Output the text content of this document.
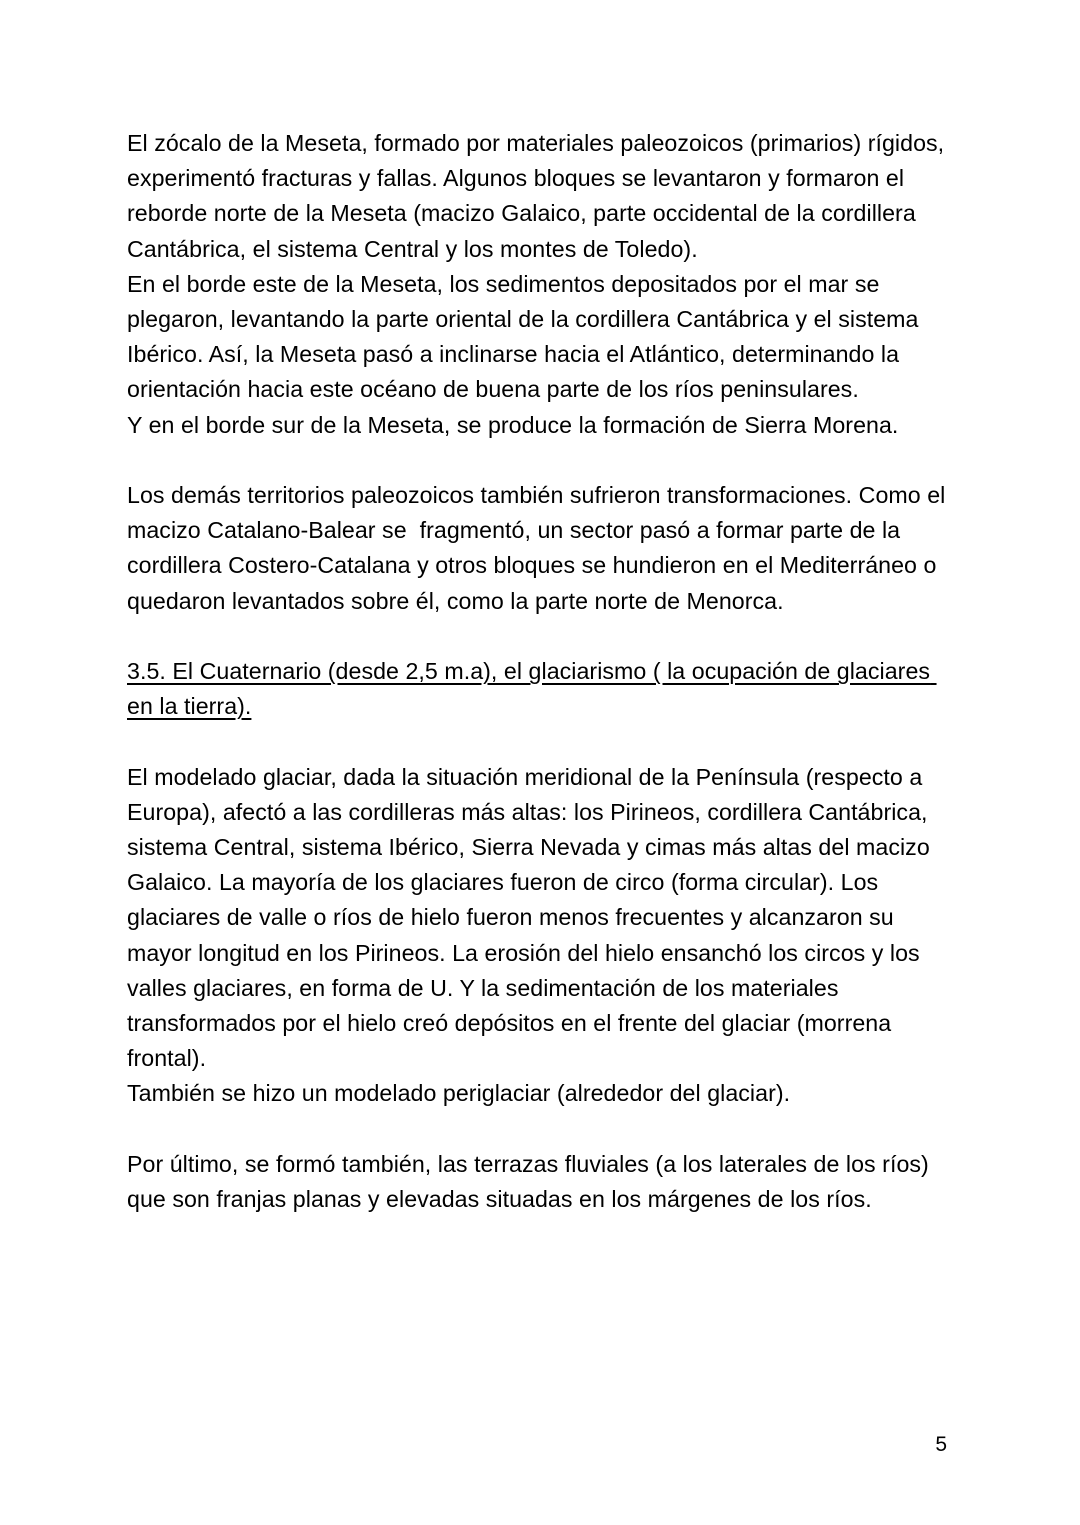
El zócalo de la Meseta, formado por materiales paleozoicos (primarios) rígidos, experimentó fracturas y fallas. Algunos bloques se levantaron y formaron el reborde norte de la Meseta (macizo Galaico, parte occidental de la cordillera Cantábrica, el sistema Central y los montes de Toledo).

En el borde este de la Meseta, los sedimentos depositados por el mar se plegaron, levantando la parte oriental de la cordillera Cantábrica y el sistema Ibérico. Así, la Meseta pasó a inclinarse hacia el Atlántico, determinando la orientación hacia este océano de buena parte de los ríos peninsulares.

Y en el borde sur de la Meseta, se produce la formación de Sierra Morena.

Los demás territorios paleozoicos también sufrieron transformaciones. Como el macizo Catalano-Balear se  fragmentó, un sector pasó a formar parte de la cordillera Costero-Catalana y otros bloques se hundieron en el Mediterráneo o quedaron levantados sobre él, como la parte norte de Menorca.

3.5. El Cuaternario (desde 2,5 m.a), el glaciarismo ( la ocupación de glaciares en la tierra).

El modelado glaciar, dada la situación meridional de la Península (respecto a Europa), afectó a las cordilleras más altas: los Pirineos, cordillera Cantábrica, sistema Central, sistema Ibérico, Sierra Nevada y cimas más altas del macizo Galaico. La mayoría de los glaciares fueron de circo (forma circular). Los glaciares de valle o ríos de hielo fueron menos frecuentes y alcanzaron su mayor longitud en los Pirineos. La erosión del hielo ensanchó los circos y los valles glaciares, en forma de U. Y la sedimentación de los materiales transformados por el hielo creó depósitos en el frente del glaciar (morrena frontal).

También se hizo un modelado periglaciar (alrededor del glaciar).

Por último, se formó también, las terrazas fluviales (a los laterales de los ríos)  que son franjas planas y elevadas situadas en los márgenes de los ríos.

5
